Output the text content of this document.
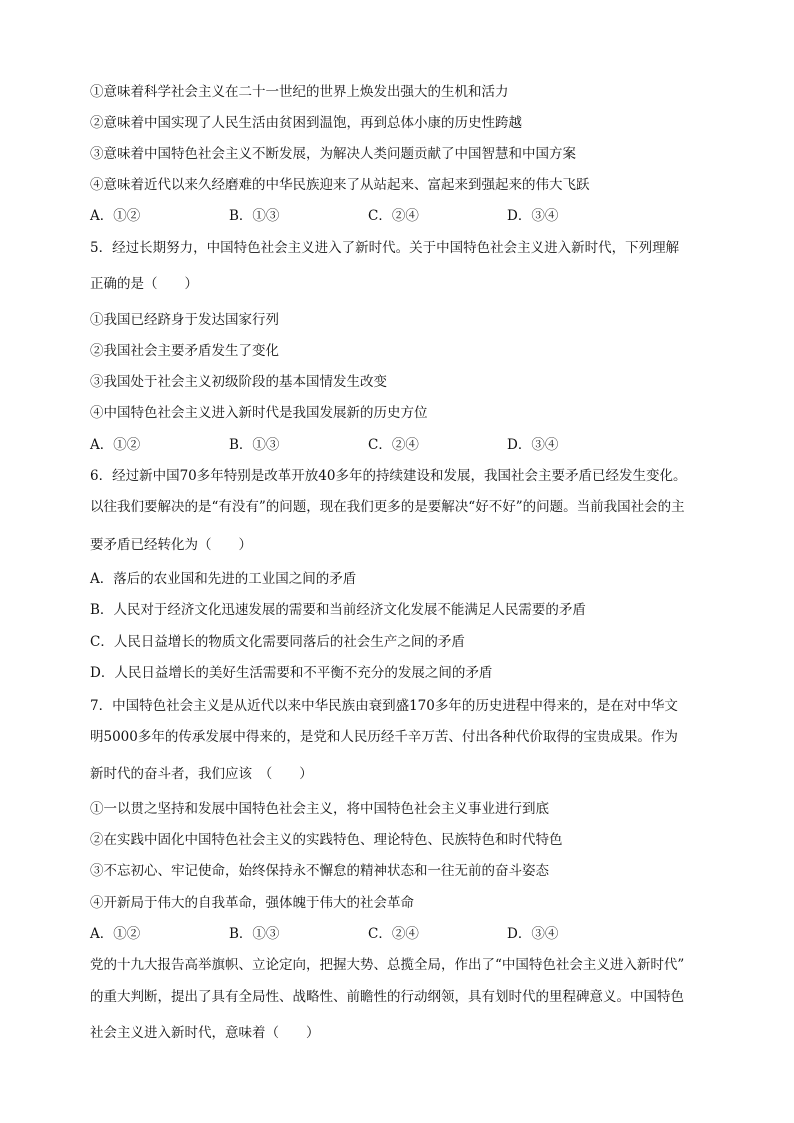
①意味着科学社会主义在二十一世纪的世界上焕发出强大的生机和活力
②意味着中国实现了人民生活由贫困到温饱，再到总体小康的历史性跨越
③意味着中国特色社会主义不断发展，为解决人类问题贡献了中国智慧和中国方案
④意味着近代以来久经磨难的中华民族迎来了从站起来、富起来到强起来的伟大飞跃
A．①②	B．①③	C．②④	D．③④
5．经过长期努力，中国特色社会主义进入了新时代。关于中国特色社会主义进入新时代，下列理解
正确的是（　　）
①我国已经跻身于发达国家行列
②我国社会主要矛盾发生了变化
③我国处于社会主义初级阶段的基本国情发生改变
④中国特色社会主义进入新时代是我国发展新的历史方位
A．①②	B．①③	C．②④	D．③④
6．经过新中国70多年特别是改革开放40多年的持续建设和发展，我国社会主要矛盾已经发生变化。
以往我们要解决的是“有没有”的问题，现在我们更多的是要解决“好不好”的问题。当前我国社会的主
要矛盾已经转化为（　　）
A．落后的农业国和先进的工业国之间的矛盾
B．人民对于经济文化迅速发展的需要和当前经济文化发展不能满足人民需要的矛盾
C．人民日益增长的物质文化需要同落后的社会生产之间的矛盾
D．人民日益增长的美好生活需要和不平衡不充分的发展之间的矛盾
7．中国特色社会主义是从近代以来中华民族由衰到盛170多年的历史进程中得来的，是在对中华文
明5000多年的传承发展中得来的，是党和人民历经千辛万苦、付出各种代价取得的宝贵成果。作为
新时代的奋斗者，我们应该　（　　）
①一以贯之坚持和发展中国特色社会主义，将中国特色社会主义事业进行到底
②在实践中固化中国特色社会主义的实践特色、理论特色、民族特色和时代特色
③不忘初心、牢记使命，始终保持永不懈怠的精神状态和一往无前的奋斗姿态
④开新局于伟大的自我革命，强体魄于伟大的社会革命
A．①②	B．①③	C．②④	D．③④
党的十九大报告高举旗帜、立论定向，把握大势、总揽全局，作出了“中国特色社会主义进入新时代”
的重大判断，提出了具有全局性、战略性、前瞻性的行动纲领，具有划时代的里程碑意义。中国特色
社会主义进入新时代，意味着（　　）
